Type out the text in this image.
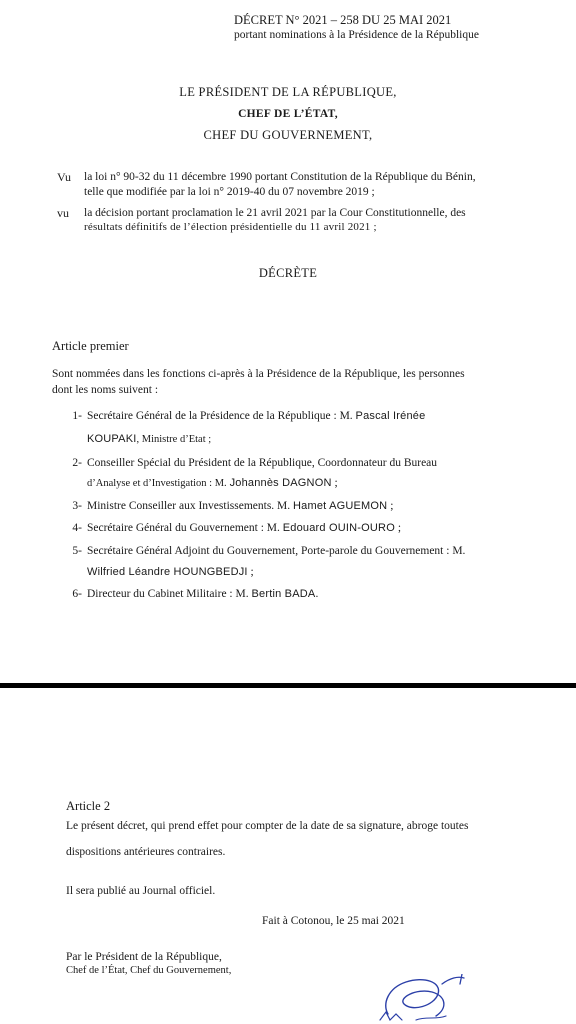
DÉCRET N° 2021 – 258 DU 25 MAI 2021
portant nominations à la Présidence de la République
LE PRÉSIDENT DE LA RÉPUBLIQUE,
CHEF DE L’ÉTAT,
CHEF DU GOUVERNEMENT,
Vu la loi n° 90-32 du 11 décembre 1990 portant Constitution de la République du Bénin,
telle que modifiée par la loi n° 2019-40 du 07 novembre 2019 ;
vu la décision portant proclamation le 21 avril 2021 par la Cour Constitutionnelle, des
résultats définitifs de l’élection présidentielle du 11 avril 2021 ;
DÉCRÈTE
Article premier
Sont nommées dans les fonctions ci-après à la Présidence de la République, les personnes
dont les noms suivent :
1- Secrétaire Général de la Présidence de la République : M. Pascal Irénée
KOUPAKI, Ministre d’Etat ;
2- Conseiller Spécial du Président de la République, Coordonnateur du Bureau
d’Analyse et d’Investigation : M. Johannès DAGNON ;
3- Ministre Conseiller aux Investissements. M. Hamet AGUEMON ;
4- Secrétaire Général du Gouvernement : M. Edouard OUIN-OURO ;
5- Secrétaire Général Adjoint du Gouvernement, Porte-parole du Gouvernement : M.
Wilfried Léandre HOUNGBEDJI ;
6- Directeur du Cabinet Militaire : M. Bertin BADA.
Article 2
Le présent décret, qui prend effet pour compter de la date de sa signature, abroge toutes
dispositions antérieures contraires.
Il sera publié au Journal officiel.
Fait à Cotonou, le 25 mai 2021
Par le Président de la République,
Chef de l’État, Chef du Gouvernement,
